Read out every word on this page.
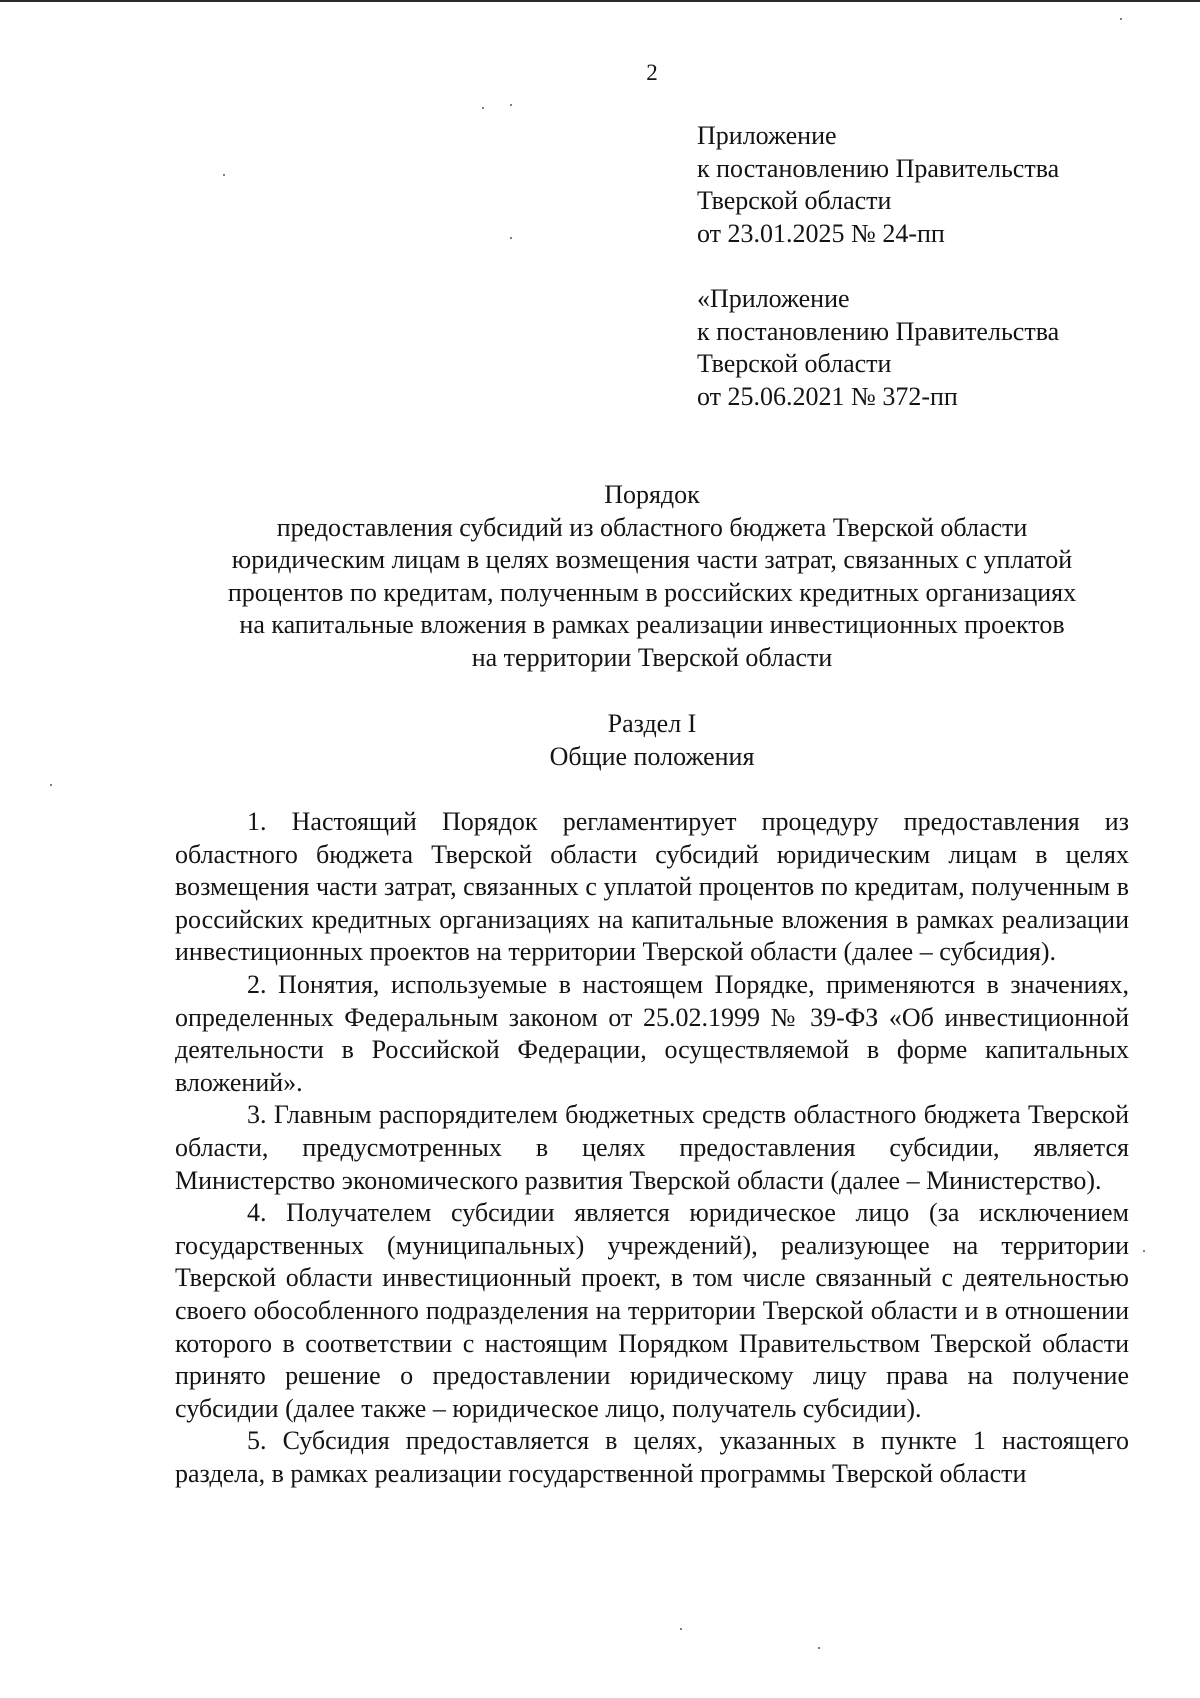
2
Приложение
к постановлению Правительства
Тверской области
от 23.01.2025 № 24-пп
«Приложение
к постановлению Правительства
Тверской области
от 25.06.2021 № 372-пп
Порядок
предоставления субсидий из областного бюджета Тверской области
юридическим лицам в целях возмещения части затрат, связанных с уплатой
процентов по кредитам, полученным в российских кредитных организациях
на капитальные вложения в рамках реализации инвестиционных проектов
на территории Тверской области
Раздел I
Общие положения

1. Настоящий Порядок регламентирует процедуру предоставления из областного бюджета Тверской области субсидий юридическим лицам в целях возмещения части затрат, связанных с уплатой процентов по кредитам, полученным в российских кредитных организациях на капитальные вложения в рамках реализации инвестиционных проектов на территории Тверской области (далее – субсидия).

2. Понятия, используемые в настоящем Порядке, применяются в значениях, определенных Федеральным законом от 25.02.1999 № 39-ФЗ «Об инвестиционной деятельности в Российской Федерации, осуществляемой в форме капитальных вложений».

3. Главным распорядителем бюджетных средств областного бюджета Тверской области, предусмотренных в целях предоставления субсидии, является Министерство экономического развития Тверской области (далее – Министерство).

4. Получателем субсидии является юридическое лицо (за исключением государственных (муниципальных) учреждений), реализующее на территории Тверской области инвестиционный проект, в том числе связанный с деятельностью своего обособленного подразделения на территории Тверской области и в отношении которого в соответствии с настоящим Порядком Правительством Тверской области принято решение о предоставлении юридическому лицу права на получение субсидии (далее также – юридическое лицо, получатель субсидии).

5. Субсидия предоставляется в целях, указанных в пункте 1 настоящего раздела, в рамках реализации государственной программы Тверской области
